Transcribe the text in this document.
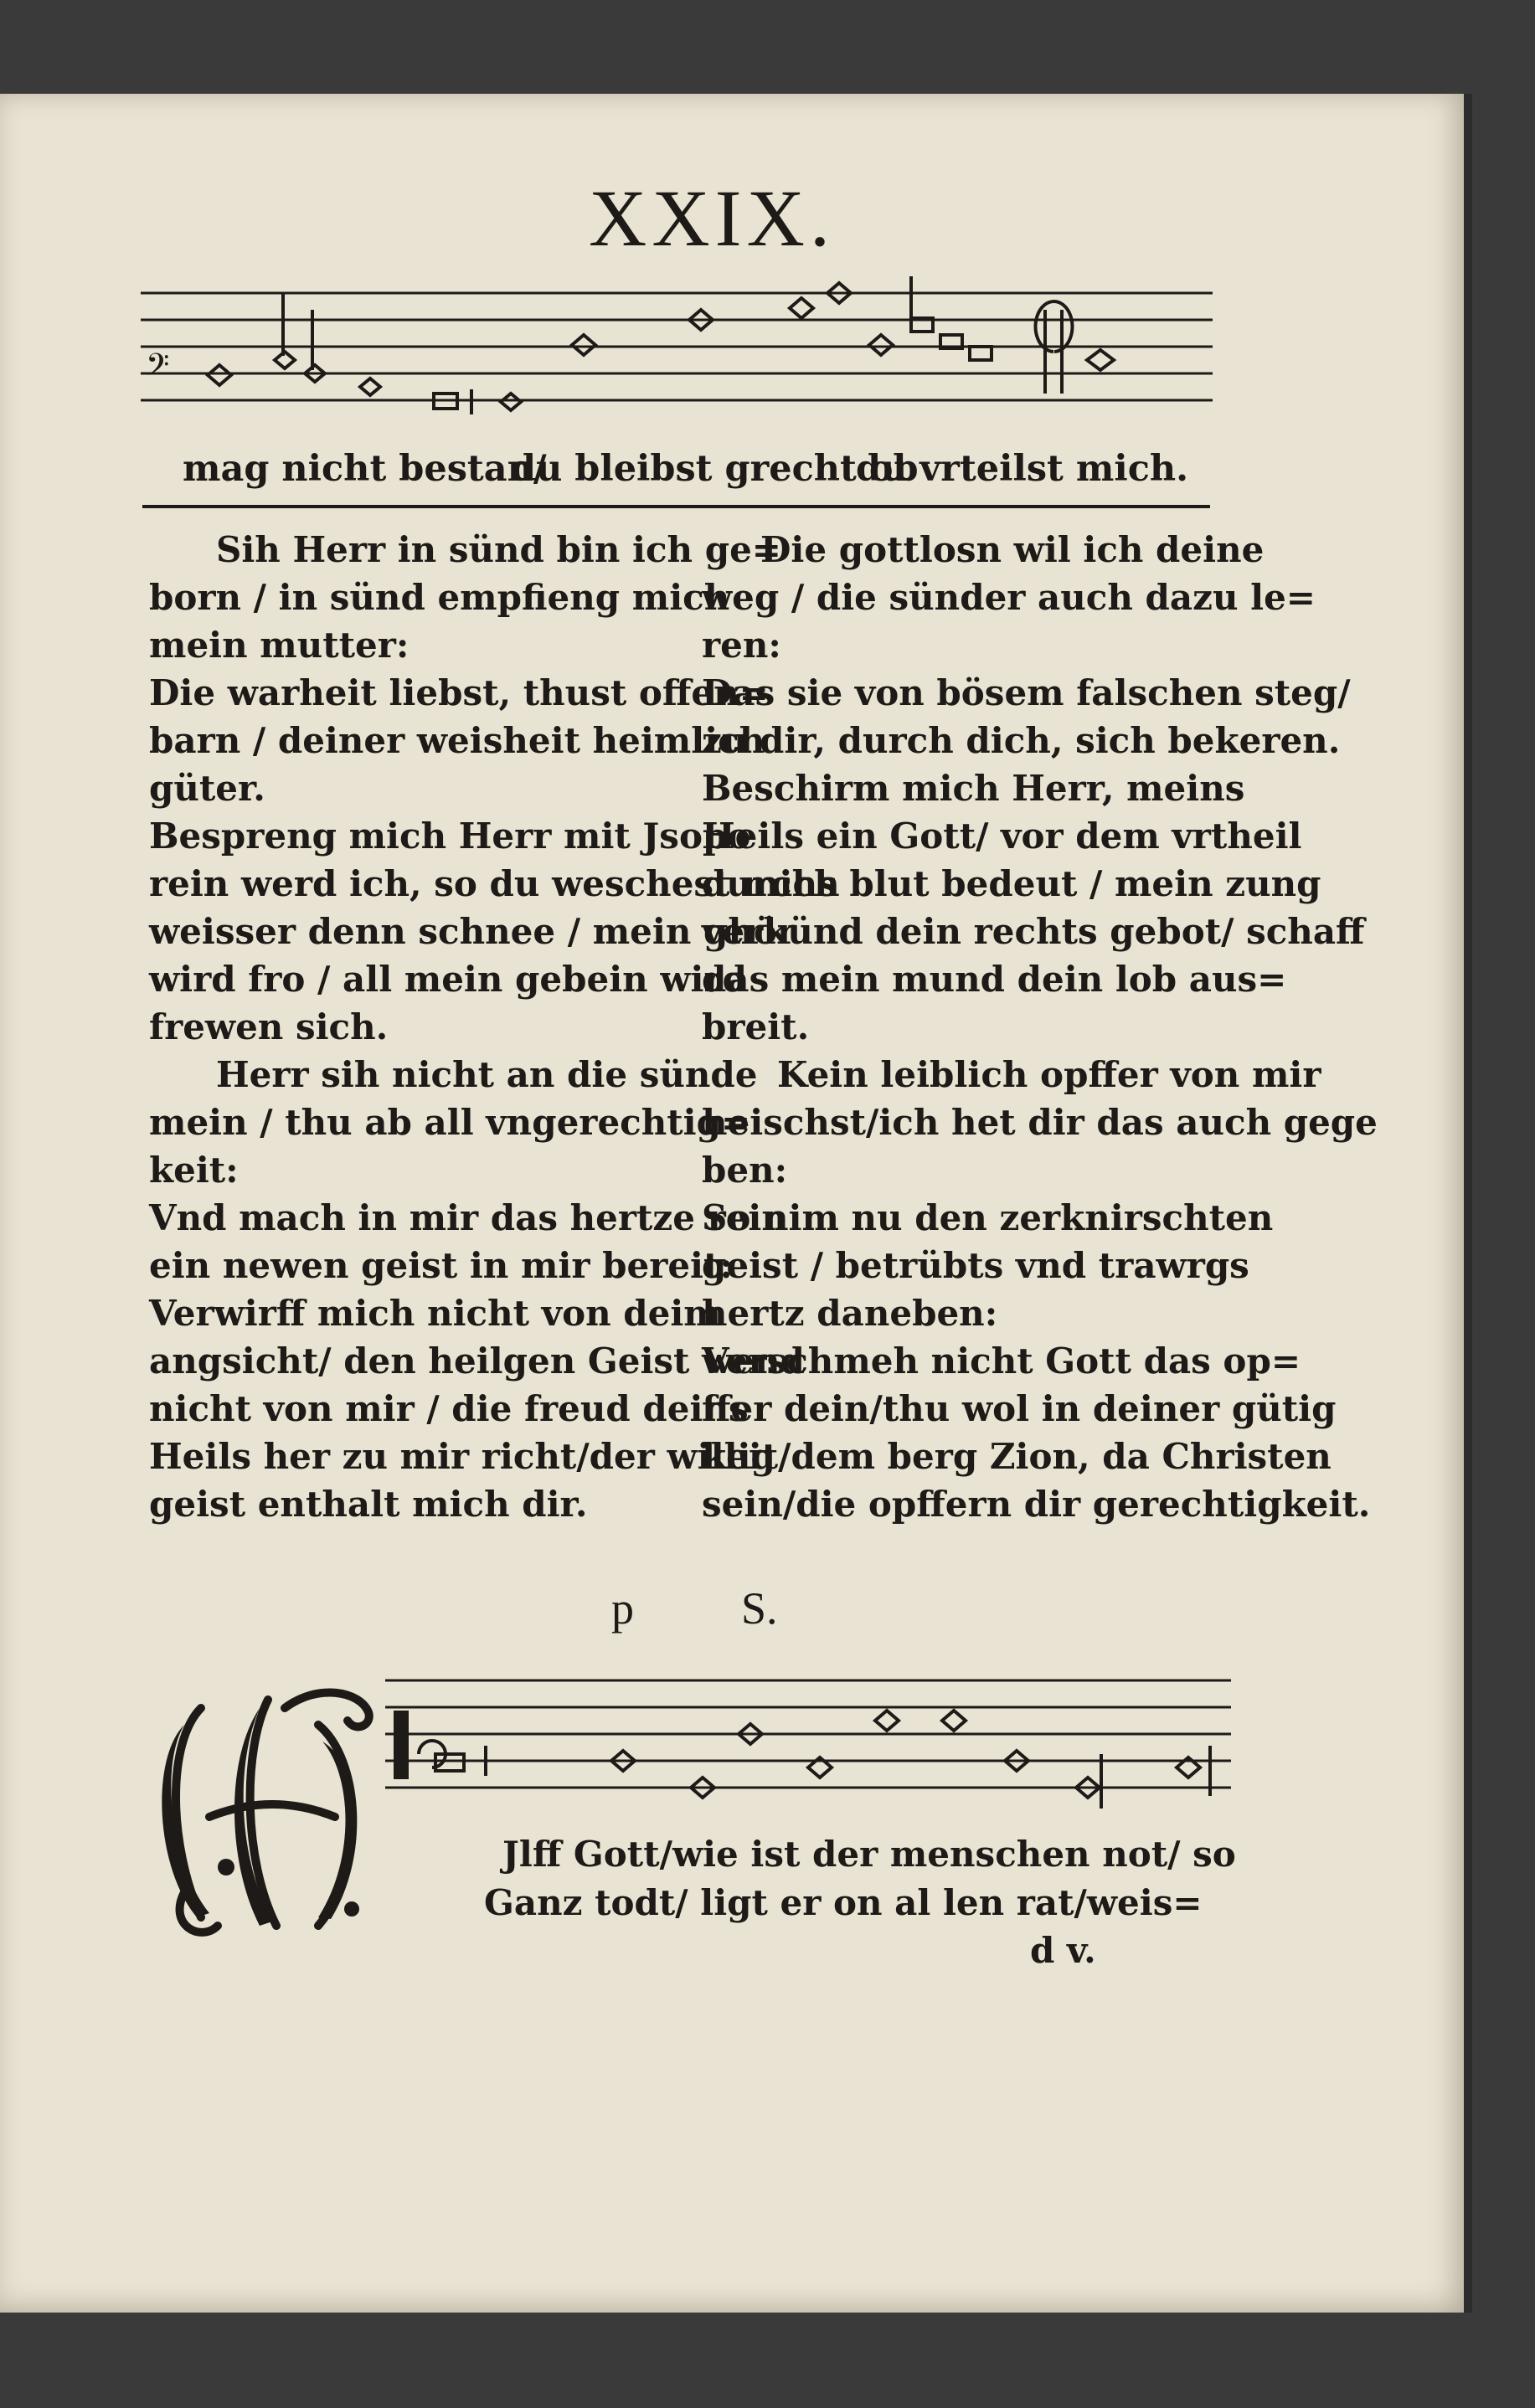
XXIX.
𝄢
mag nicht bestan/
du bleibst grecht ob
du vrteilst mich.
Sih Herr in sünd bin ich ge=
born / in sünd empfieng mich
mein mutter:
Die warheit liebst, thust offen=
barn / deiner weisheit heimlich
güter.
Bespreng mich Herr mit Jsopo
rein werd ich, so du weschest mich
weisser denn schnee / mein ghör
wird fro / all mein gebein wird
frewen sich.
Herr sih nicht an die sünde
mein / thu ab all vngerechtig=
keit:
Vnd mach in mir das hertze rein
ein newen geist in mir bereit:
Verwirff mich nicht von deim
angsicht/ den heilgen Geist wend
nicht von mir / die freud deins
Heils her zu mir richt/der willig
geist enthalt mich dir.
Die gottlosn wil ich deine
weg / die sünder auch dazu le=
ren:
Das sie von bösem falschen steg/
zu dir, durch dich, sich bekeren.
Beschirm mich Herr, meins
Heils ein Gott/ vor dem vrtheil
durchs blut bedeut / mein zung
verkünd dein rechts gebot/ schaff
das mein mund dein lob aus=
breit.
Kein leiblich opffer von mir
heischst/ich het dir das auch gege
ben:
So nim nu den zerknirschten
geist / betrübts vnd trawrgs
hertz daneben:
Verschmeh nicht Gott das op=
ffer dein/thu wol in deiner gütig
keit/dem berg Zion, da Christen
sein/die opffern dir gerechtigkeit.
p S.
Jlff Gott/wie ist der menschen not/ so
Ganz todt/ ligt er on al len rat/weis=
d v.
